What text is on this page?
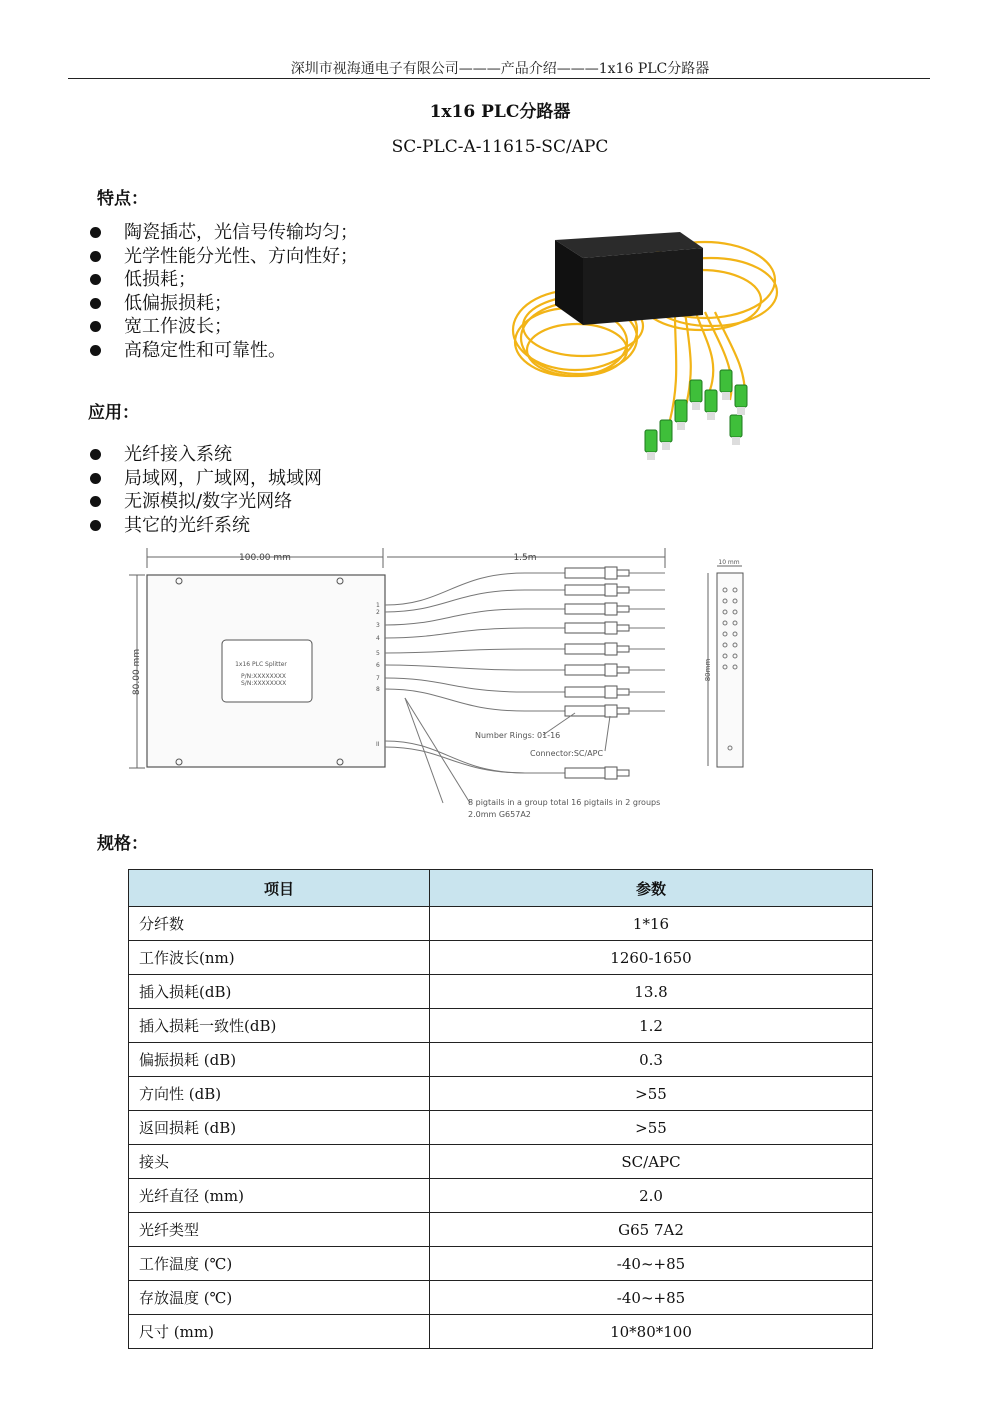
深圳市视海通电子有限公司———产品介绍———1x16 PLC分路器
1x16 PLC分路器
SC-PLC-A-11615-SC/APC
特点：
陶瓷插芯，光信号传输均匀；
光学性能分光性、方向性好；
低损耗；
低偏振损耗；
宽工作波长；
高稳定性和可靠性。
应用：
光纤接入系统
局域网，广域网，城域网
无源模拟/数字光网络
其它的光纤系统
100.00 mm	1.5m
80.00 mm	1x16 PLC Splitter
P/N:XXXXXXXX
S/N:XXXXXXXX
1
2
3
4
5
6
7
8
II
Number Rings: 01-16
Connector:SC/APC
8 pigtails in a group total 16 pigtails in 2 groups
2.0mm G657A2
10 mm
80mm
规格：
项目	参数
分纤数	1*16
工作波长(nm)	1260-1650
插入损耗(dB)	13.8
插入损耗一致性(dB)	1.2
偏振损耗 (dB)	0.3
方向性 (dB)	>55
返回损耗 (dB)	>55
接头	SC/APC
光纤直径 (mm)	2.0
光纤类型	G65 7A2
工作温度 (℃)	-40~+85
存放温度 (℃)	-40~+85
尺寸 (mm)	10*80*100
